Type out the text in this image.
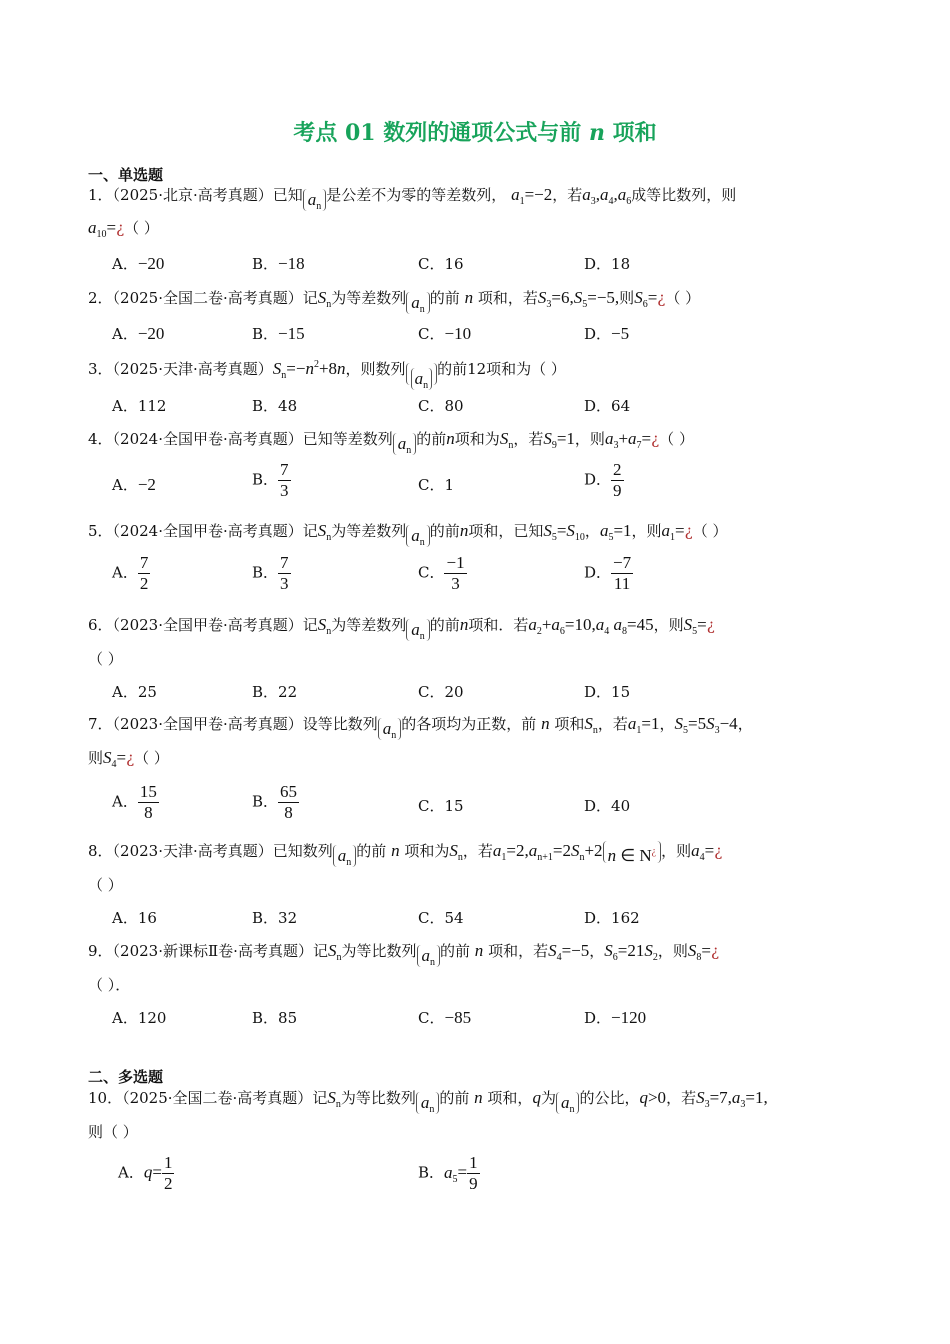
考点 01 数列的通项公式与前 n 项和
一、单选题
1．（2025·北京·高考真题）已知 $a_n$是公差不为零的等差数列， $a_1=-2$，若$a_3,a_4,a_6$成等比数列，则
$a_{10}=¿$（ ）
A．−20	B．−18	C．16	D．18
2．（2025·全国二卷·高考真题）记$S_n$为等差数列 $a_n$的前 n 项和，若$S_3=6,S_5=-5$,则$S_6=¿$（ ）
A．−20	B．−15	C．−10	D．−5
3．（2025·天津·高考真题）$S_n=-n^2+8n$，则数列 $a_n$的前12项和为（ ）
A．112	B．48	C．80	D．64
4．（2024·全国甲卷·高考真题）已知等差数列 $a_n$的前n项和为$S_n$，若$S_9=1$，则$a_3+a_7=¿$（ ）
A．−2	B． $\frac{7}{3}$	C．1	D． $\frac{2}{9}$
5．（2024·全国甲卷·高考真题）记$S_n$为等差数列 $a_n$的前n项和，已知$S_5=S_{10}$，$a_5=1$，则$a_1=¿$（ ）
A． $\frac{7}{2}$	B． $\frac{7}{3}$	C． $\frac{-1}{3}$	D． $\frac{-7}{11}$
6．（2023·全国甲卷·高考真题）记$S_n$为等差数列 $a_n$的前n项和．若$a_2+a_6=10,a_4$ $a_8=45$，则$S_5=¿$
（ ）
A．25	B．22	C．20	D．15
7．（2023·全国甲卷·高考真题）设等比数列 $a_n$的各项均为正数，前 n 项和$S_n$，若$a_1=1$，$S_5=5S_3-4$，
则$S_4=¿$（ ）
A． $\frac{15}{8}$	B． $\frac{65}{8}$	C．15	D．40
8．（2023·天津·高考真题）已知数列 $a_n$的前 n 项和为$S_n$，若$a_1=2,a_{n+1}=2S_n+2$ n ∈ N¿ ，则$a_4=¿$
（ ）
A．16	B．32	C．54	D．162
9．（2023·新课标Ⅱ卷·高考真题）记$S_n$为等比数列 $a_n$的前 n 项和，若$S_4=-5$，$S_6=21S_2$，则$S_8=¿$
（ ）．
A．120	B．85	C．−85	D．−120
二、多选题
10．（2025·全国二卷·高考真题）记$S_n$为等比数列 $a_n$的前 n 项和，q为 $a_n$的公比，q>0，若$S_3=7,a_3=1$,
则（ ）
A．$q= \frac{1}{2}$	B．$a_5= \frac{1}{9}$
